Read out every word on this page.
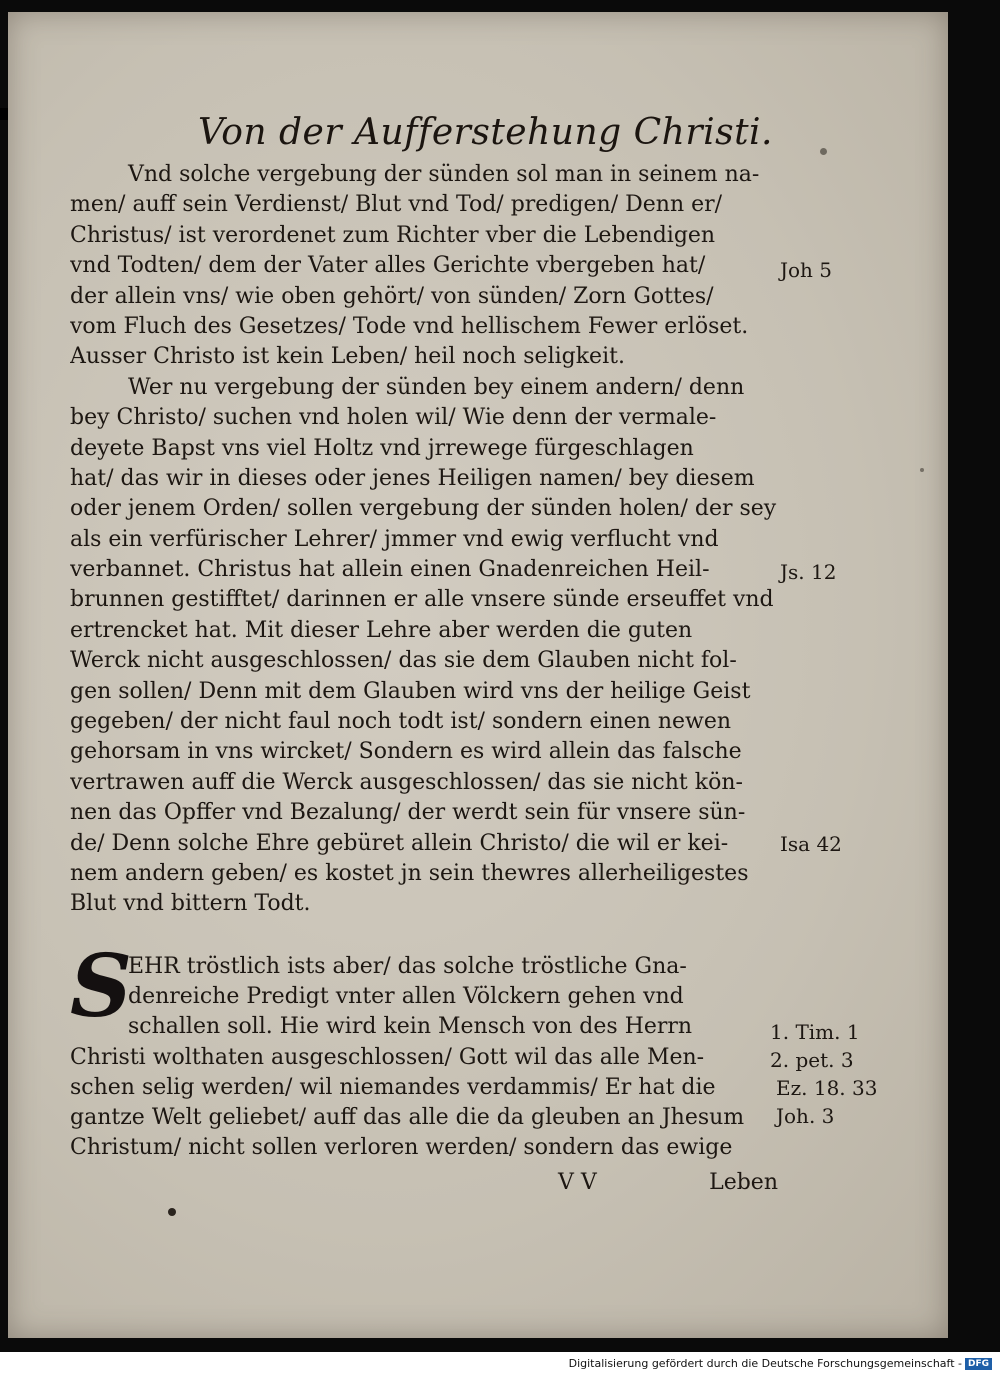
Von der Aufferstehung Christi.
Vnd solche vergebung der sünden sol man in seinem na-
men/ auff sein Verdienst/ Blut vnd Tod/ predigen/ Denn er/
Christus/ ist verordenet zum Richter vber die Lebendigen
vnd Todten/ dem der Vater alles Gerichte vbergeben hat/
der allein vns/ wie oben gehört/ von sünden/ Zorn Gottes/
vom Fluch des Gesetzes/ Tode vnd hellischem Fewer erlöset.
Ausser Christo ist kein Leben/ heil noch seligkeit.
Wer nu vergebung der sünden bey einem andern/ denn
bey Christo/ suchen vnd holen wil/ Wie denn der vermale-
deyete Bapst vns viel Holtz vnd jrrewege fürgeschlagen
hat/ das wir in dieses oder jenes Heiligen namen/ bey diesem
oder jenem Orden/ sollen vergebung der sünden holen/ der sey
als ein verfürischer Lehrer/ jmmer vnd ewig verflucht vnd
verbannet. Christus hat allein einen Gnadenreichen Heil-
brunnen gestifftet/ darinnen er alle vnsere sünde erseuffet vnd
ertrencket hat. Mit dieser Lehre aber werden die guten
Werck nicht ausgeschlossen/ das sie dem Glauben nicht fol-
gen sollen/ Denn mit dem Glauben wird vns der heilige Geist
gegeben/ der nicht faul noch todt ist/ sondern einen newen
gehorsam in vns wircket/ Sondern es wird allein das falsche
vertrawen auff die Werck ausgeschlossen/ das sie nicht kön-
nen das Opffer vnd Bezalung/ der werdt sein für vnsere sün-
de/ Denn solche Ehre gebüret allein Christo/ die wil er kei-
nem andern geben/ es kostet jn sein thewres allerheiligestes
Blut vnd bittern Todt.
S
EHR tröstlich ists aber/ das solche tröstliche Gna-
denreiche Predigt vnter allen Völckern gehen vnd
schallen soll. Hie wird kein Mensch von des Herrn
Christi wolthaten ausgeschlossen/ Gott wil das alle Men-
schen selig werden/ wil niemandes verdammis/ Er hat die
gantze Welt geliebet/ auff das alle die da gleuben an Jhesum
Christum/ nicht sollen verloren werden/ sondern das ewige
V V	Leben
Joh 5
Js. 12
Isa 42
1. Tim. 1
2. pet. 3
Ez. 18. 33
Joh. 3
Digitalisierung gefördert durch die Deutsche Forschungsgemeinschaft - DFG
